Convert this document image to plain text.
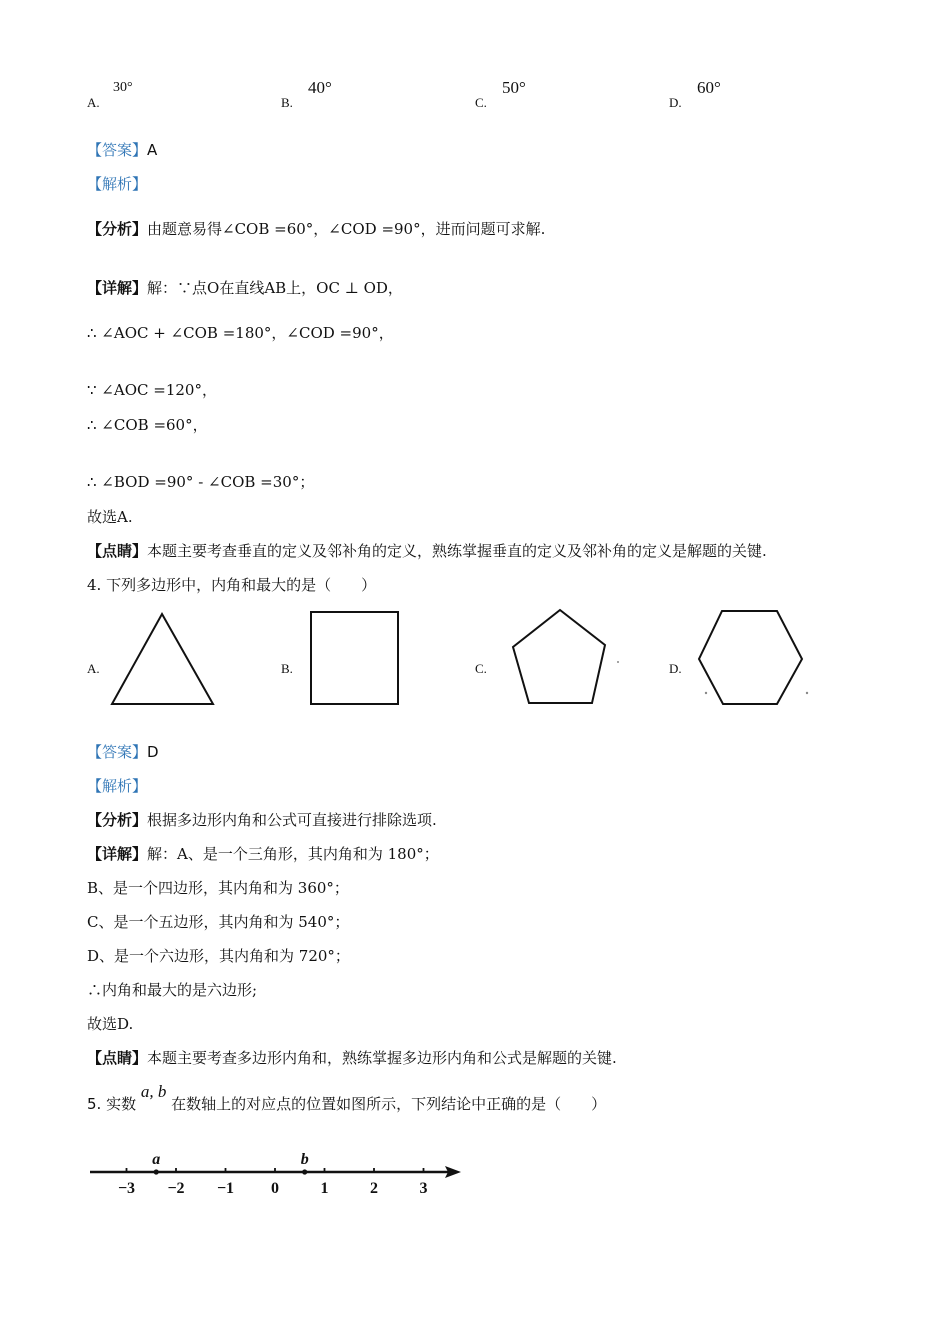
A.
30°
B.
40°
C.
50°
D.
60°
【答案】A
【解析】
【分析】由题意易得∠COB =60°，∠COD =90°，进而问题可求解.
【详解】解：∵点O在直线AB上，OC ⊥ OD，
∴ ∠AOC + ∠COB =180°，∠COD =90°，
∵ ∠AOC =120°，
∴ ∠COB =60°，
∴ ∠BOD =90° - ∠COB =30°；
故选A.
【点睛】本题主要考查垂直的定义及邻补角的定义，熟练掌握垂直的定义及邻补角的定义是解题的关键.
4. 下列多边形中，内角和最大的是（　　）
A.	B.	C.	D.
【答案】D
【解析】
【分析】根据多边形内角和公式可直接进行排除选项.
【详解】解：A、是一个三角形，其内角和为 180°；
B、是一个四边形，其内角和为 360°；
C、是一个五边形，其内角和为 540°；
D、是一个六边形，其内角和为 720°；
∴内角和最大的是六边形;
故选D.
【点睛】本题主要考查多边形内角和，熟练掌握多边形内角和公式是解题的关键.
5. 实数 a, b 在数轴上的对应点的位置如图所示，下列结论中正确的是（　　）
−3 −2 −1 0	1	2	3
a	b
